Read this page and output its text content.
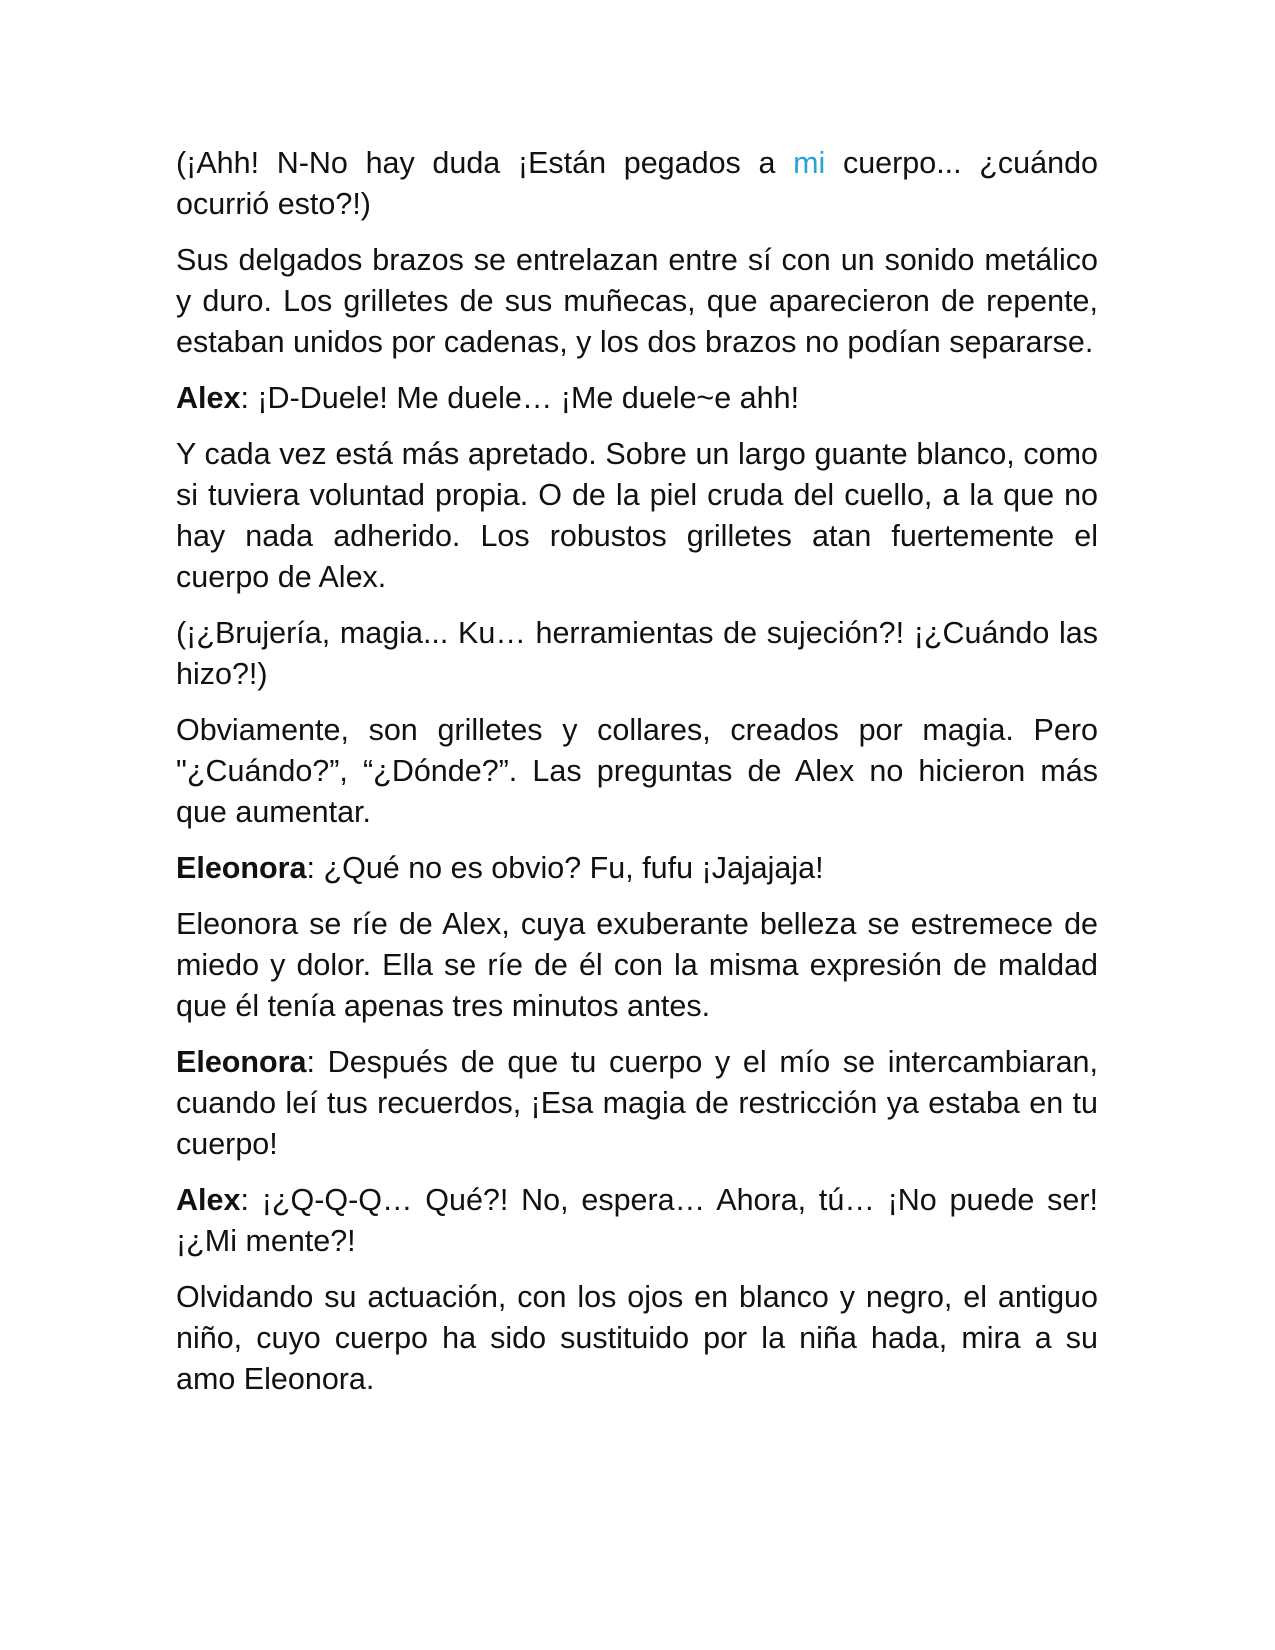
(¡Ahh! N-No hay duda ¡Están pegados a mi cuerpo... ¿cuándo ocurrió esto?!)

Sus delgados brazos se entrelazan entre sí con un sonido metálico y duro. Los grilletes de sus muñecas, que aparecieron de repente, estaban unidos por cadenas, y los dos brazos no podían separarse.

Alex: ¡D-Duele! Me duele… ¡Me duele~e ahh!

Y cada vez está más apretado. Sobre un largo guante blanco, como si tuviera voluntad propia. O de la piel cruda del cuello, a la que no hay nada adherido. Los robustos grilletes atan fuertemente el cuerpo de Alex.

(¡¿Brujería, magia... Ku… herramientas de sujeción?! ¡¿Cuándo las hizo?!)

Obviamente, son grilletes y collares, creados por magia. Pero "¿Cuándo?”, “¿Dónde?”. Las preguntas de Alex no hicieron más que aumentar.

Eleonora: ¿Qué no es obvio? Fu, fufu ¡Jajajaja!

Eleonora se ríe de Alex, cuya exuberante belleza se estremece de miedo y dolor. Ella se ríe de él con la misma expresión de maldad que él tenía apenas tres minutos antes.

Eleonora: Después de que tu cuerpo y el mío se intercambiaran, cuando leí tus recuerdos, ¡Esa magia de restricción ya estaba en tu cuerpo!

Alex: ¡¿Q-Q-Q… Qué?! No, espera… Ahora, tú… ¡No puede ser! ¡¿Mi mente?!

Olvidando su actuación, con los ojos en blanco y negro, el antiguo niño, cuyo cuerpo ha sido sustituido por la niña hada, mira a su amo Eleonora.
